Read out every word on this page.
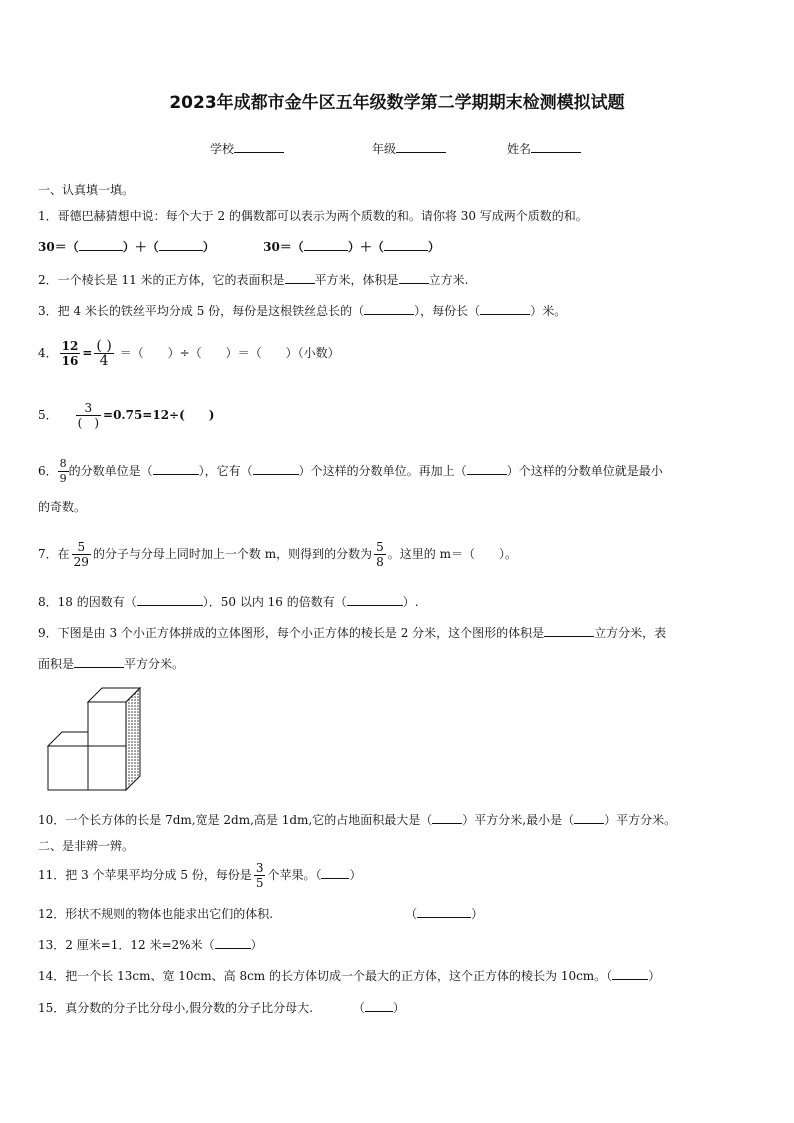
2023年成都市金牛区五年级数学第二学期期末检测模拟试题
学校	年级	姓名
一、认真填一填。
1．哥德巴赫猜想中说：每个大于 2 的偶数都可以表示为两个质数的和。请你将 30 写成两个质数的和。
30＝（	）＋（	）	30＝（	）＋（	）
2．一个棱长是 11 米的正方体，它的表面积是	平方米，体积是	立方米.
3．把 4 米长的铁丝平均分成 5 份，每份是这根铁丝总长的（	），每份长（	）米。
4． $\frac{12}{16} = \frac{( )}{4}$ ＝（　　）÷（　　）＝（　　）（小数）
5． $\frac{3}{( )} =0.75=12\div$(　　)
6． $\frac{8}{9}$ 的分数单位是（	），它有（	）个这样的分数单位。再加上（	）个这样的分数单位就是最小
的奇数。
7．在 $\frac{5}{29}$ 的分子与分母上同时加上一个数 m，则得到的分数为 $\frac{5}{8}$ 。这里的 m＝（　　）。
8．18 的因数有（	）．50 以内 16 的倍数有（	）.
9．下图是由 3 个小正方体拼成的立体图形，每个小正方体的棱长是 2 分米，这个图形的体积是	立方分米，表
面积是	平方分米。
10．一个长方体的长是 7dm,宽是 2dm,高是 1dm,它的占地面积最大是（	）平方分米,最小是（	）平方分米。
二、是非辨一辨。
11．把 3 个苹果平均分成 5 份，每份是 $\frac{3}{5}$ 个苹果。（ ）
12．形状不规则的物体也能求出它们的体积.	（	）
13．2 厘米=1．12 米=2%米（	）
14．把一个长 13cm、宽 10cm、高 8cm 的长方体切成一个最大的正方体，这个正方体的棱长为 10cm。（	）
15．真分数的分子比分母小,假分数的分子比分母大.	（ ）
